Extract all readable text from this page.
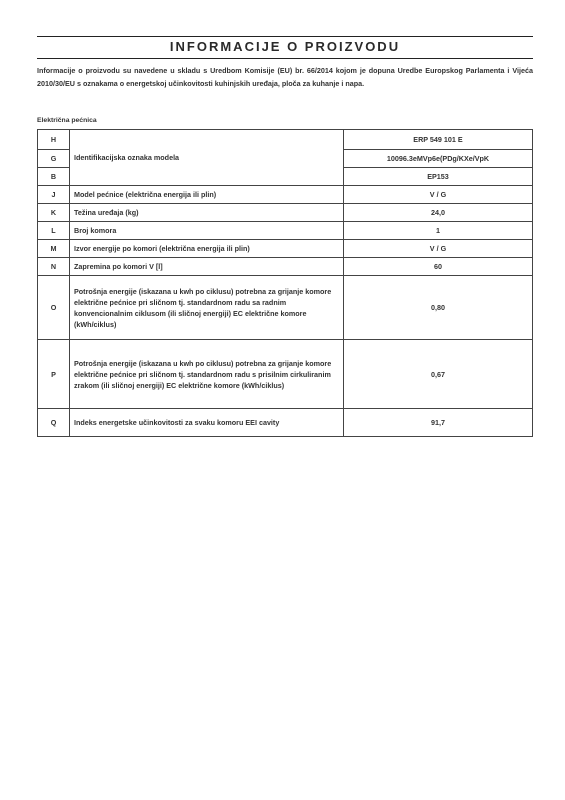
INFORMACIJE O PROIZVODU
Informacije o proizvodu su navedene u skladu s Uredbom Komisije (EU) br. 66/2014 kojom je dopuna Uredbe Europskog Parlamenta i Vijeća 2010/30/EU s oznakama o energetskoj učinkovitosti kuhinjskih uređaja, ploča za kuhanje i napa.
Električna pećnica
H	Identifikacijska oznaka modela	ERP 549 101 E
G		10096.3eMVp6e(PDg/KXe/VpK
B		EP153
J	Model pećnice (električna energija ili plin)	V / G
K	Težina uređaja (kg)	24,0
L	Broj komora	1
M	Izvor energije po komori (električna energija ili plin)	V / G
N	Zapremina po komori V [l]	60
O	Potrošnja energije (iskazana u kwh po ciklusu) potrebna za grijanje komore električne pećnice pri sličnom tj. standardnom radu sa radnim konvencionalnim ciklusom (ili sličnoj energiji) EC električne komore (kWh/ciklus)	0,80
P	Potrošnja energije (iskazana u kwh po ciklusu) potrebna za grijanje komore električne pećnice pri sličnom tj. standardnom radu s prisilnim cirkuliranim zrakom (ili sličnoj energiji) EC električne komore (kWh/ciklus)	0,67
Q	Indeks energetske učinkovitosti za svaku komoru EEI cavity	91,7
